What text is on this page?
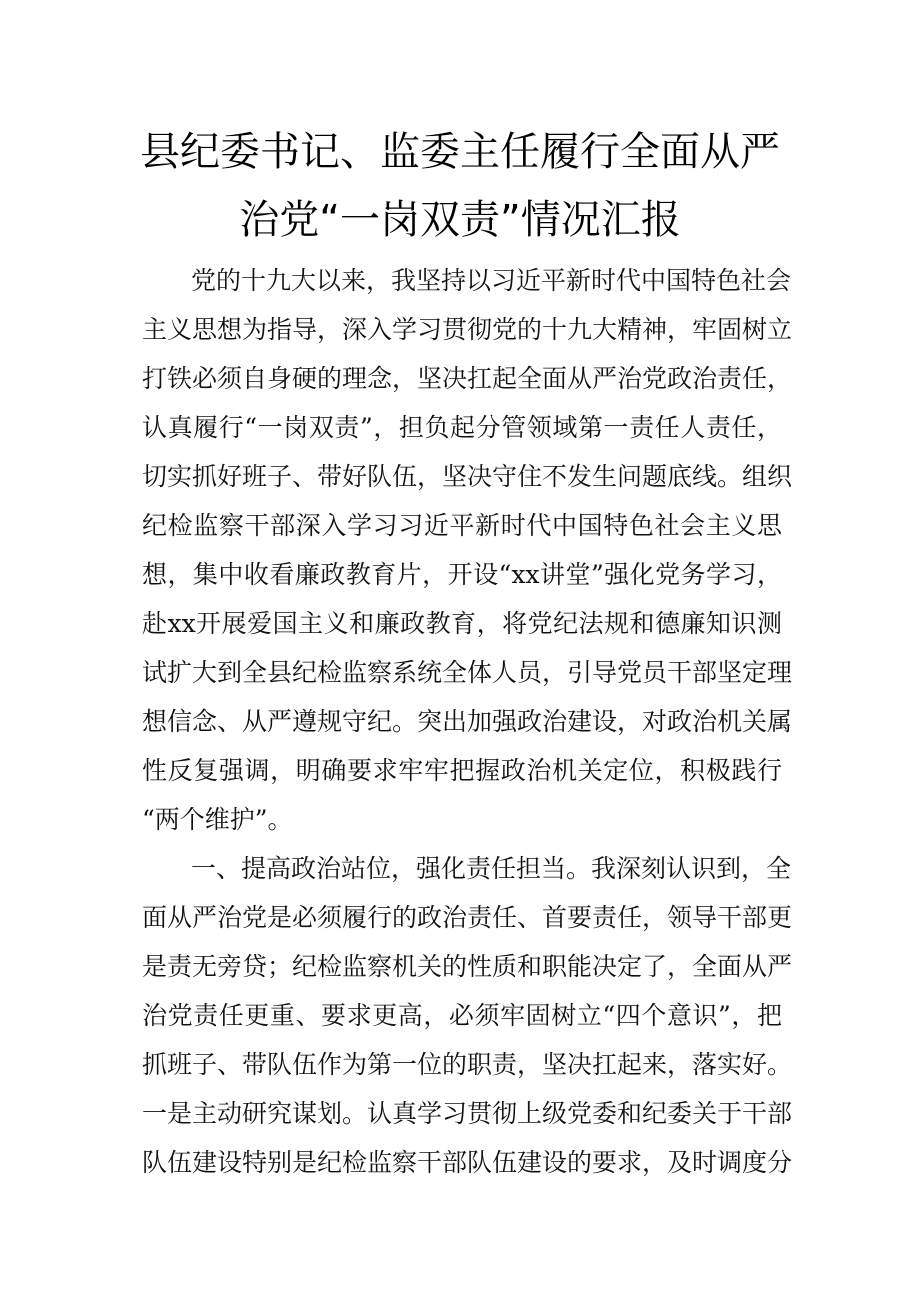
县纪委书记、监委主任履行全面从严
治党“一岗双责”情况汇报
党的十九大以来，我坚持以习近平新时代中国特色社会
主义思想为指导，深入学习贯彻党的十九大精神，牢固树立
打铁必须自身硬的理念，坚决扛起全面从严治党政治责任，
认真履行“一岗双责”，担负起分管领域第一责任人责任，
切实抓好班子、带好队伍，坚决守住不发生问题底线。组织
纪检监察干部深入学习习近平新时代中国特色社会主义思
想，集中收看廉政教育片，开设“xx讲堂”强化党务学习，
赴xx开展爱国主义和廉政教育，将党纪法规和德廉知识测
试扩大到全县纪检监察系统全体人员，引导党员干部坚定理
想信念、从严遵规守纪。突出加强政治建设，对政治机关属
性反复强调，明确要求牢牢把握政治机关定位，积极践行
“两个维护”。
一、提高政治站位，强化责任担当。我深刻认识到，全
面从严治党是必须履行的政治责任、首要责任，领导干部更
是责无旁贷；纪检监察机关的性质和职能决定了，全面从严
治党责任更重、要求更高，必须牢固树立“四个意识”，把
抓班子、带队伍作为第一位的职责，坚决扛起来，落实好。
一是主动研究谋划。认真学习贯彻上级党委和纪委关于干部
队伍建设特别是纪检监察干部队伍建设的要求，及时调度分
